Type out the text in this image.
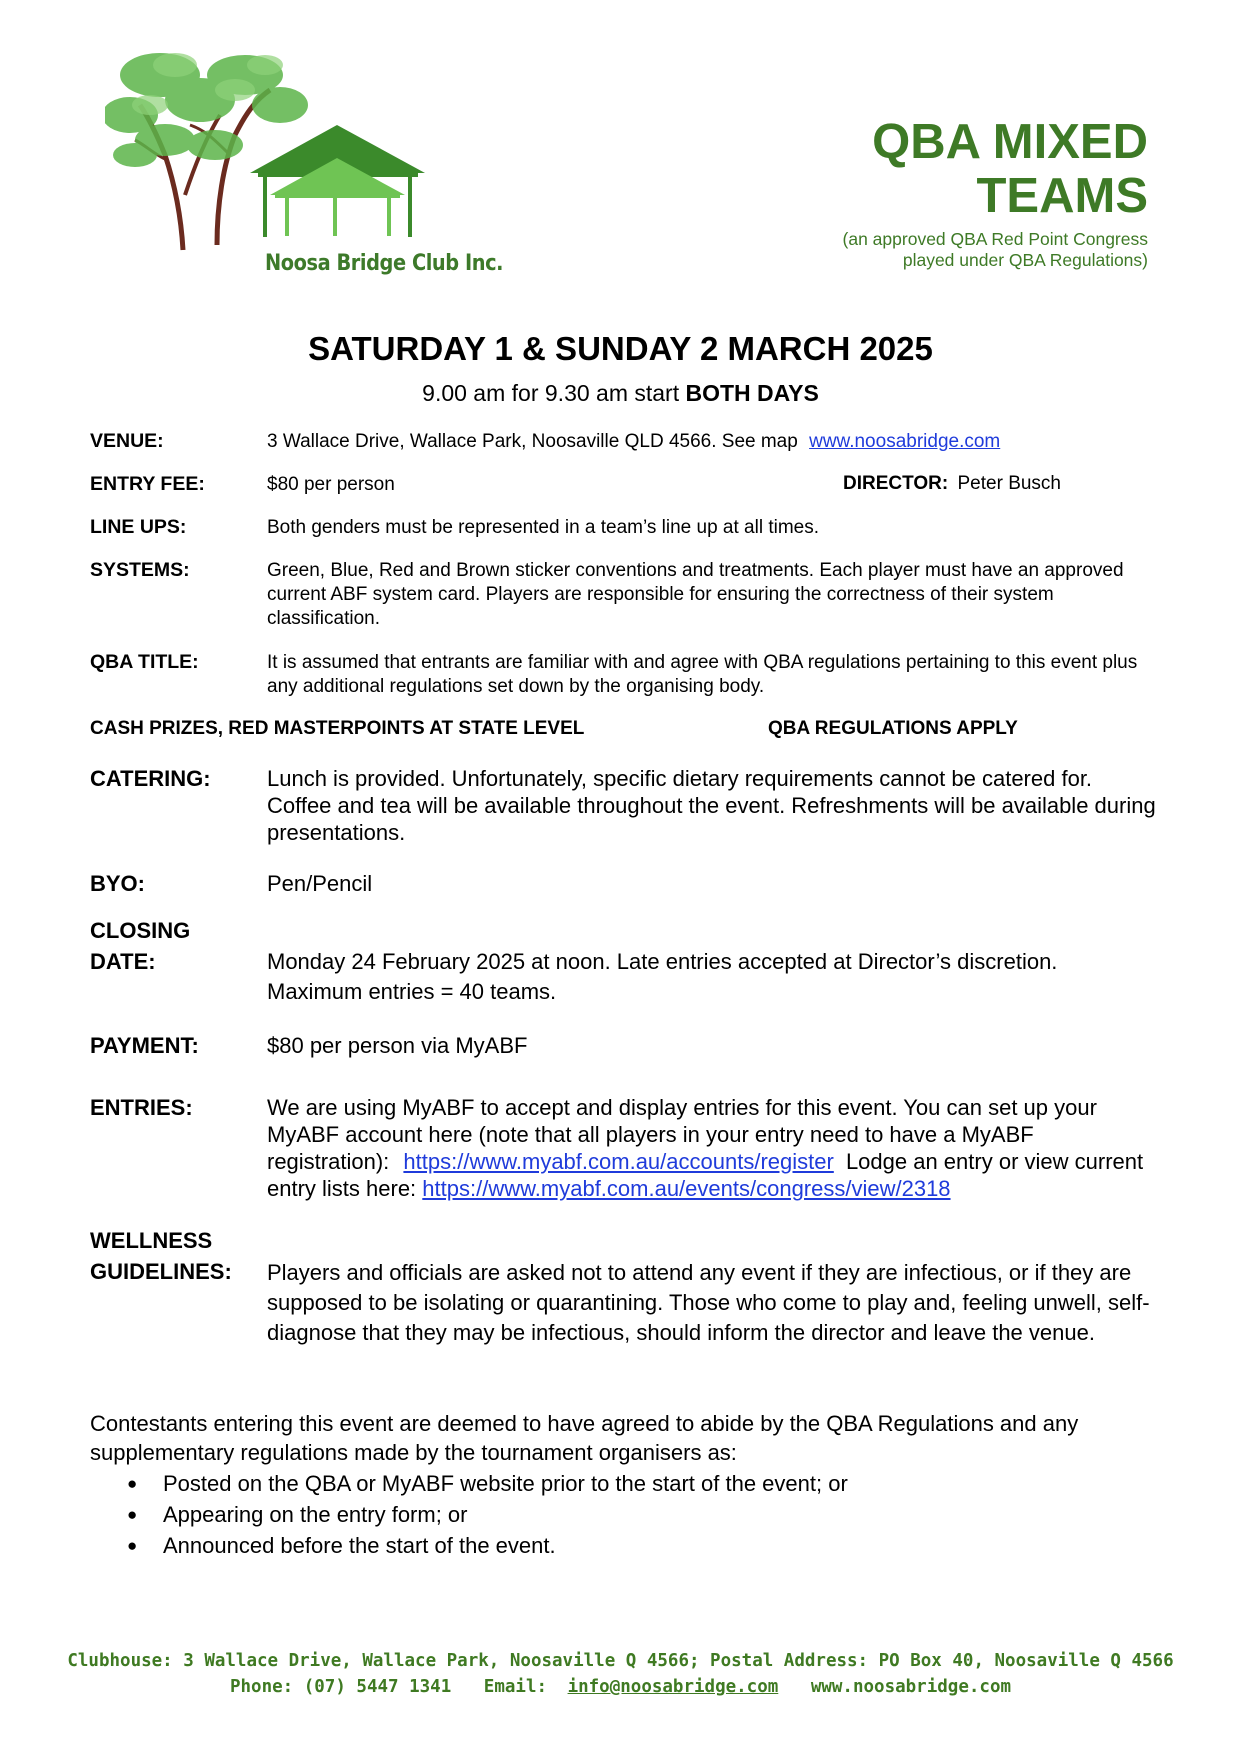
Noosa Bridge Club Inc.
QBA MIXED
TEAMS
(an approved QBA Red Point Congress
played under QBA Regulations)
SATURDAY 1 & SUNDAY 2 MARCH 2025
9.00 am for 9.30 am start BOTH DAYS
VENUE:	3 Wallace Drive, Wallace Park, Noosaville QLD 4566. See map www.noosabridge.com
ENTRY FEE:	$80 per person	DIRECTOR: Peter Busch
LINE UPS:	Both genders must be represented in a team’s line up at all times.
SYSTEMS:	Green, Blue, Red and Brown sticker conventions and treatments. Each player must have an approved current ABF system card. Players are responsible for ensuring the correctness of their system classification.
QBA TITLE:	It is assumed that entrants are familiar with and agree with QBA regulations pertaining to this event plus any additional regulations set down by the organising body.
CASH PRIZES, RED MASTERPOINTS AT STATE LEVEL	QBA REGULATIONS APPLY
CATERING:	Lunch is provided. Unfortunately, specific dietary requirements cannot be catered for. Coffee and tea will be available throughout the event. Refreshments will be available during presentations.
BYO:	Pen/Pencil
CLOSING
DATE:	Monday 24 February 2025 at noon. Late entries accepted at Director’s discretion.
Maximum entries = 40 teams.
PAYMENT:	$80 per person via MyABF
ENTRIES:	We are using MyABF to accept and display entries for this event. You can set up your MyABF account here (note that all players in your entry need to have a MyABF registration): https://www.myabf.com.au/accounts/register Lodge an entry or view current entry lists here: https://www.myabf.com.au/events/congress/view/2318
WELLNESS
GUIDELINES: Players and officials are asked not to attend any event if they are infectious, or if they are supposed to be isolating or quarantining. Those who come to play and, feeling unwell, self-diagnose that they may be infectious, should inform the director and leave the venue.
Contestants entering this event are deemed to have agreed to abide by the QBA Regulations and any supplementary regulations made by the tournament organisers as:
● Posted on the QBA or MyABF website prior to the start of the event; or
● Appearing on the entry form; or
● Announced before the start of the event.
Clubhouse: 3 Wallace Drive, Wallace Park, Noosaville Q 4566; Postal Address: PO Box 40, Noosaville Q 4566
Phone: (07) 5447 1341 Email: info@noosabridge.com www.noosabridge.com
